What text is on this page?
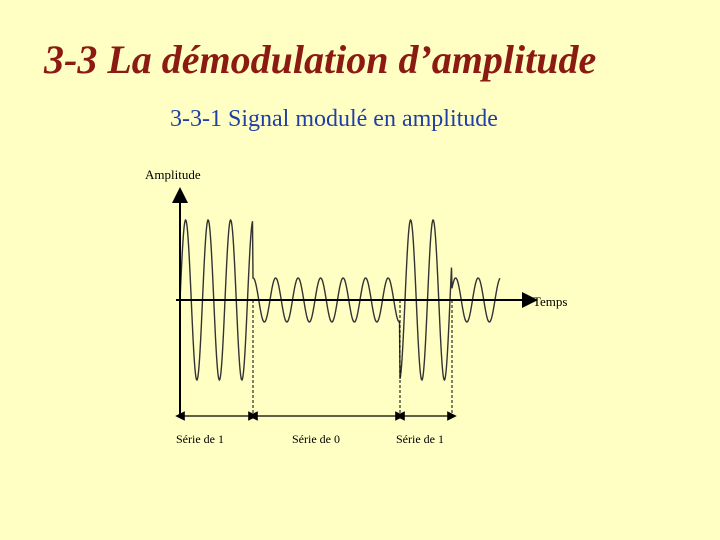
3-3 La démodulation d’amplitude
3-3-1 Signal modulé en amplitude
Amplitude
Temps
Série de 1	Série de 0	Série de 1
